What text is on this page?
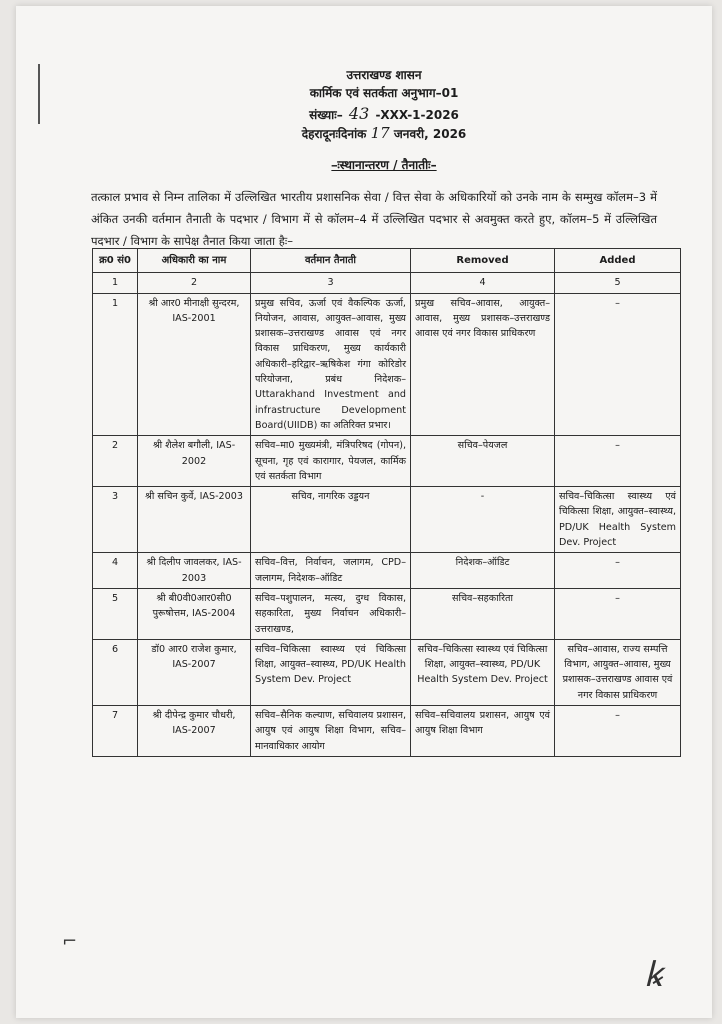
उत्तराखण्ड शासन
कार्मिक एवं सतर्कता अनुभाग–01
संख्याः– 43 -XXX-1-2026
देहरादूनःदिनांक 17 जनवरी, 2026
–ःस्थानान्तरण / तैनातीः–
तत्काल प्रभाव से निम्न तालिका में उल्लिखित भारतीय प्रशासनिक सेवा / वित्त सेवा के अधिकारियों को उनके नाम के सम्मुख कॉलम–3 में अंकित उनकी वर्तमान तैनाती के पदभार / विभाग में से कॉलम–4 में उल्लिखित पदभार से अवमुक्त करते हुए, कॉलम–5 में उल्लिखित पदभार / विभाग के सापेक्ष तैनात किया जाता हैः–
क्र0 सं0	अधिकारी का नाम	वर्तमान तैनाती	Removed	Added
1	2	3	4	5
1	श्री आर0 मीनाक्षी सुन्दरम, IAS-2001	प्रमुख सचिव, ऊर्जा एवं वैकल्पिक ऊर्जा, नियोजन, आवास, आयुक्त–आवास, मुख्य प्रशासक–उत्तराखण्ड आवास एवं नगर विकास प्राधिकरण, मुख्य कार्यकारी अधिकारी–हरिद्वार–ऋषिकेश गंगा कोरिडोर परियोजना, प्रबंध निदेशक– Uttarakhand Investment and infrastructure Development Board(UIIDB) का अतिरिक्त प्रभार।	प्रमुख सचिव–आवास, आयुक्त–आवास, मुख्य प्रशासक–उत्तराखण्ड आवास एवं नगर विकास प्राधिकरण	–
2	श्री शैलेश बगौली, IAS-2002	सचिव–मा0 मुख्यमंत्री, मंत्रिपरिषद (गोपन), सूचना, गृह एवं कारागार, पेयजल, कार्मिक एवं सतर्कता विभाग	सचिव–पेयजल	–
3	श्री सचिन कुर्वे, IAS-2003	सचिव, नागरिक उड्डयन	-	सचिव–चिकित्सा स्वास्थ्य एवं चिकित्सा शिक्षा, आयुक्त–स्वास्थ्य, PD/UK Health System Dev. Project
4	श्री दिलीप जावलकर, IAS-2003	सचिव–वित्त, निर्वाचन, जलागम, CPD–जलागम, निदेशक–ऑडिट	निदेशक–ऑडिट	–
5	श्री बी0वी0आर0सी0 पुरूषोत्तम, IAS-2004	सचिव–पशुपालन, मत्स्य, दुग्ध विकास, सहकारिता, मुख्य निर्वाचन अधिकारी– उत्तराखण्ड,	सचिव–सहकारिता	–
6	डॉ0 आर0 राजेश कुमार, IAS-2007	सचिव–चिकित्सा स्वास्थ्य एवं चिकित्सा शिक्षा, आयुक्त–स्वास्थ्य, PD/UK Health System Dev. Project	सचिव–चिकित्सा स्वास्थ्य एवं चिकित्सा शिक्षा, आयुक्त–स्वास्थ्य, PD/UK Health System Dev. Project	सचिव–आवास, राज्य सम्पत्ति विभाग, आयुक्त–आवास, मुख्य प्रशासक–उत्तराखण्ड आवास एवं नगर विकास प्राधिकरण
7	श्री दीपेन्द्र कुमार चौधरी, IAS-2007	सचिव–सैनिक कल्याण, सचिवालय प्रशासन, आयुष एवं आयुष शिक्षा विभाग, सचिव–मानवाधिकार आयोग	सचिव–सचिवालय प्रशासन, आयुष एवं आयुष शिक्षा विभाग	–
⌐
ꝃ
